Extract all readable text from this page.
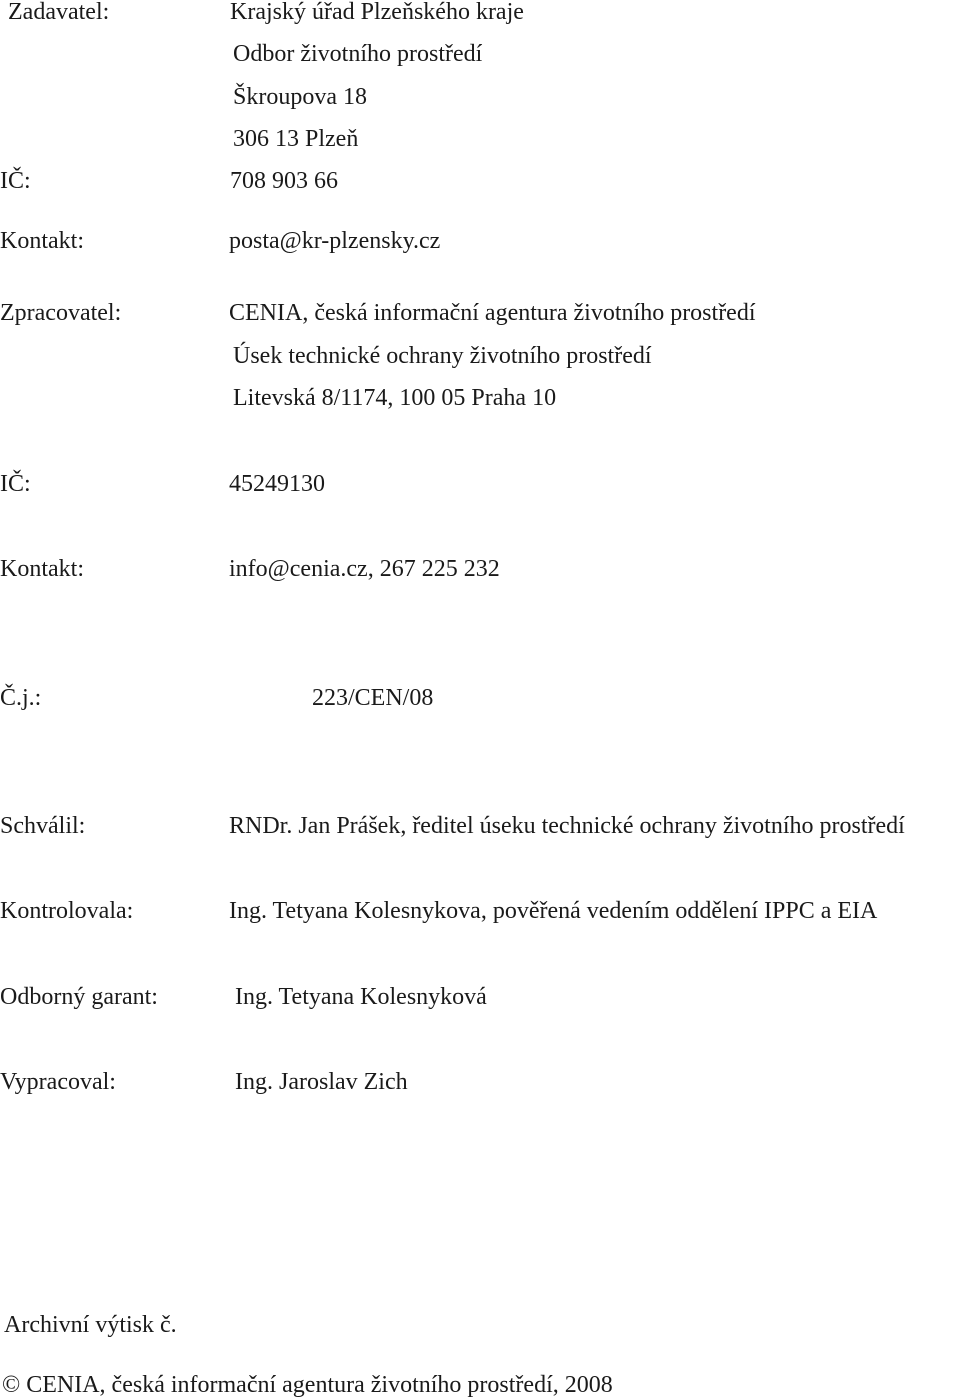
Zadavatel:	Krajský úřad Plzeňského kraje

Odbor životního prostředí

Škroupova 18

306 13 Plzeň

IČ:	708 903 66

Kontakt:	posta@kr-plzensky.cz

Zpracovatel:	CENIA, česká informační agentura životního prostředí

Úsek technické ochrany životního prostředí

Litevská 8/1174, 100 05 Praha 10

IČ:	45249130

Kontakt:	info@cenia.cz, 267 225 232

Č.j.:	223/CEN/08

Schválil:	RNDr. Jan Prášek, ředitel úseku technické ochrany životního prostředí

Kontrolovala:	Ing. Tetyana Kolesnykova, pověřená vedením oddělení IPPC a EIA

Odborný garant:	Ing. Tetyana Kolesnyková

Vypracoval:	Ing. Jaroslav Zich

Archivní výtisk č.

© CENIA, česká informační agentura životního prostředí, 2008
